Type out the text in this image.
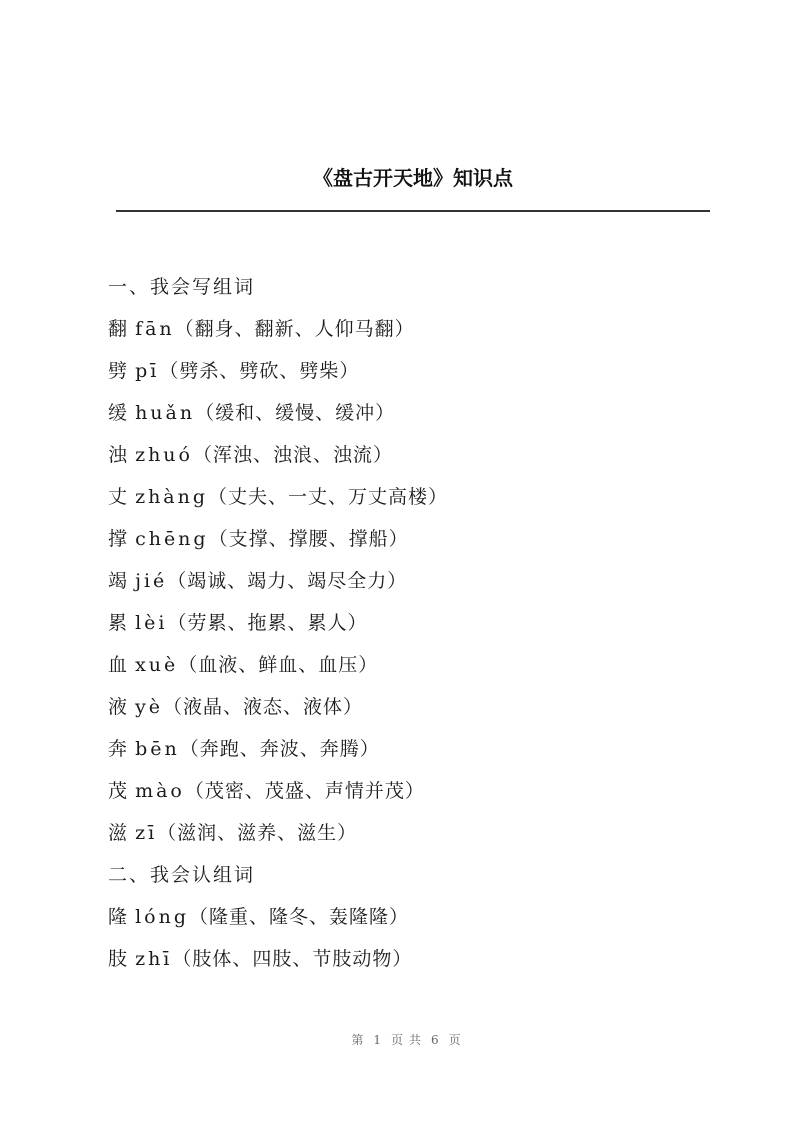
《盘古开天地》知识点
一、我会写组词
翻 fān（翻身、翻新、人仰马翻）
劈 pī（劈杀、劈砍、劈柴）
缓 huǎn（缓和、缓慢、缓冲）
浊 zhuó（浑浊、浊浪、浊流）
丈 zhàng（丈夫、一丈、万丈高楼）
撑 chēng（支撑、撑腰、撑船）
竭 jié（竭诚、竭力、竭尽全力）
累 lèi（劳累、拖累、累人）
血 xuè（血液、鲜血、血压）
液 yè（液晶、液态、液体）
奔 bēn（奔跑、奔波、奔腾）
茂 mào（茂密、茂盛、声情并茂）
滋 zī（滋润、滋养、滋生）
二、我会认组词
隆 lóng（隆重、隆冬、轰隆隆）
肢 zhī（肢体、四肢、节肢动物）
第 1 页共 6 页
